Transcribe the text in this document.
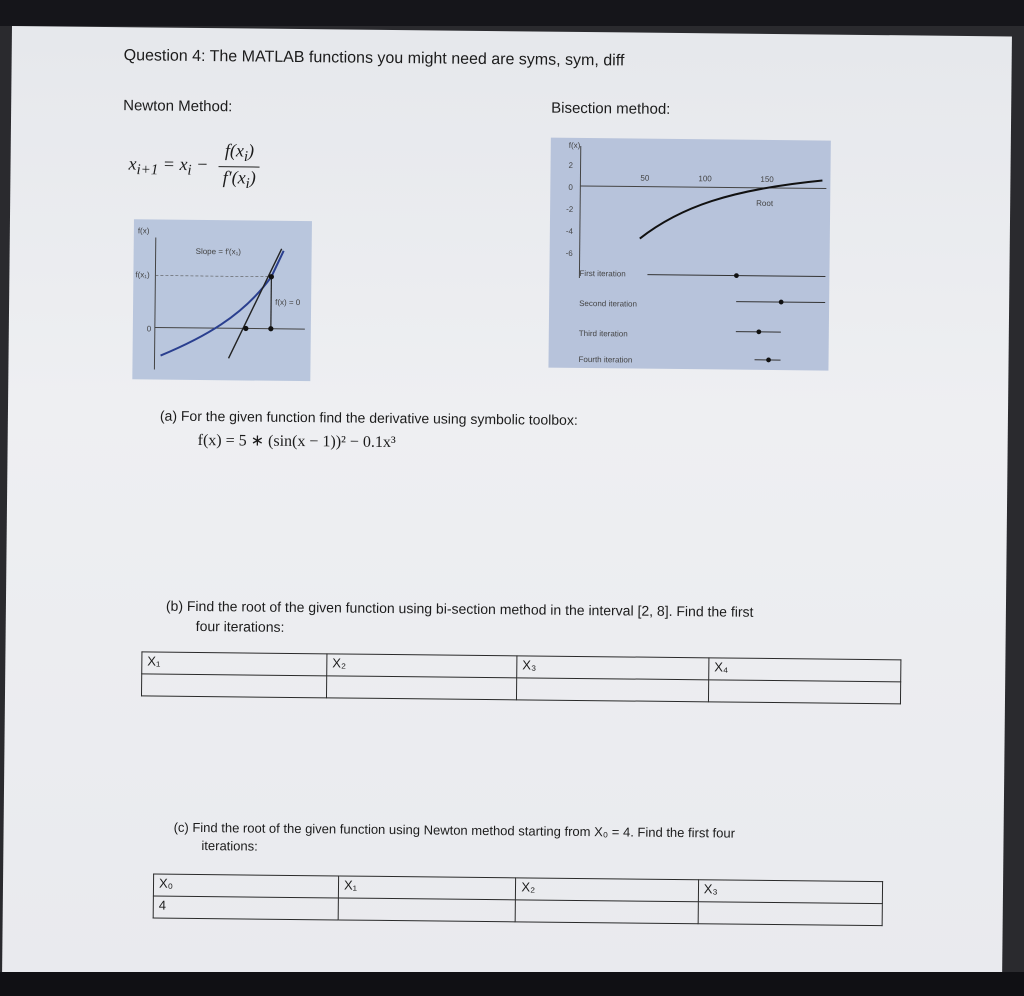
Question 4: The MATLAB functions you might need are syms, sym, diff
Newton Method:	Bisection method:
$x_{i+1} = x_i - \frac{f(x_i)}{f'(x_i)}$
f(x)
f(x₁)
0
Slope = f′(x₁)
f(x) = 0
f(x)
2
0
-2
-4
-6
50	100	150
Root
First iteration
Second iteration
Third iteration
Fourth iteration
(a) For the given function find the derivative using symbolic toolbox:
f(x) = 5 ∗ (sin(x − 1))² − 0.1x³
(b) Find the root of the given function using bi-section method in the interval [2, 8]. Find the first
four iterations:
X₁	X₂	X₃	X₄

(c) Find the root of the given function using Newton method starting from X₀ = 4. Find the first four
iterations:
X₀	X₁	X₂	X₃
4			
